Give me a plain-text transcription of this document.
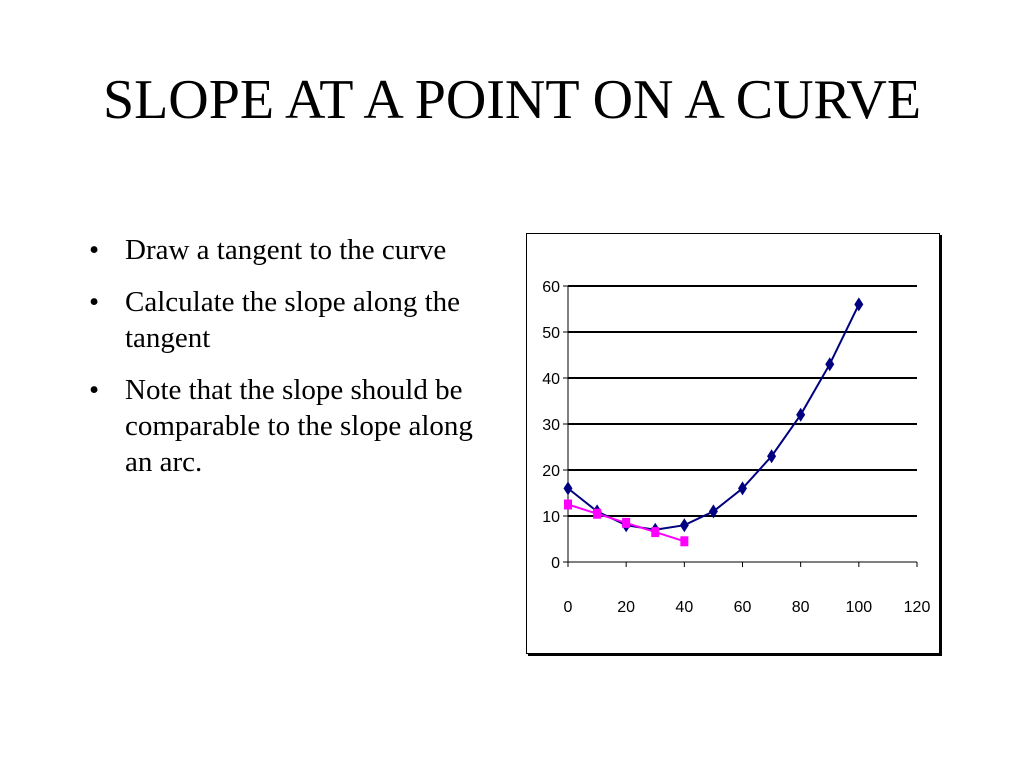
SLOPE AT A POINT ON A CURVE
• Draw a tangent to the curve
• Calculate the slope along the tangent
• Note that the slope should be comparable to the slope along an arc.
0
10
20
30
40
50
60
0	20	40	60	80 100 120
